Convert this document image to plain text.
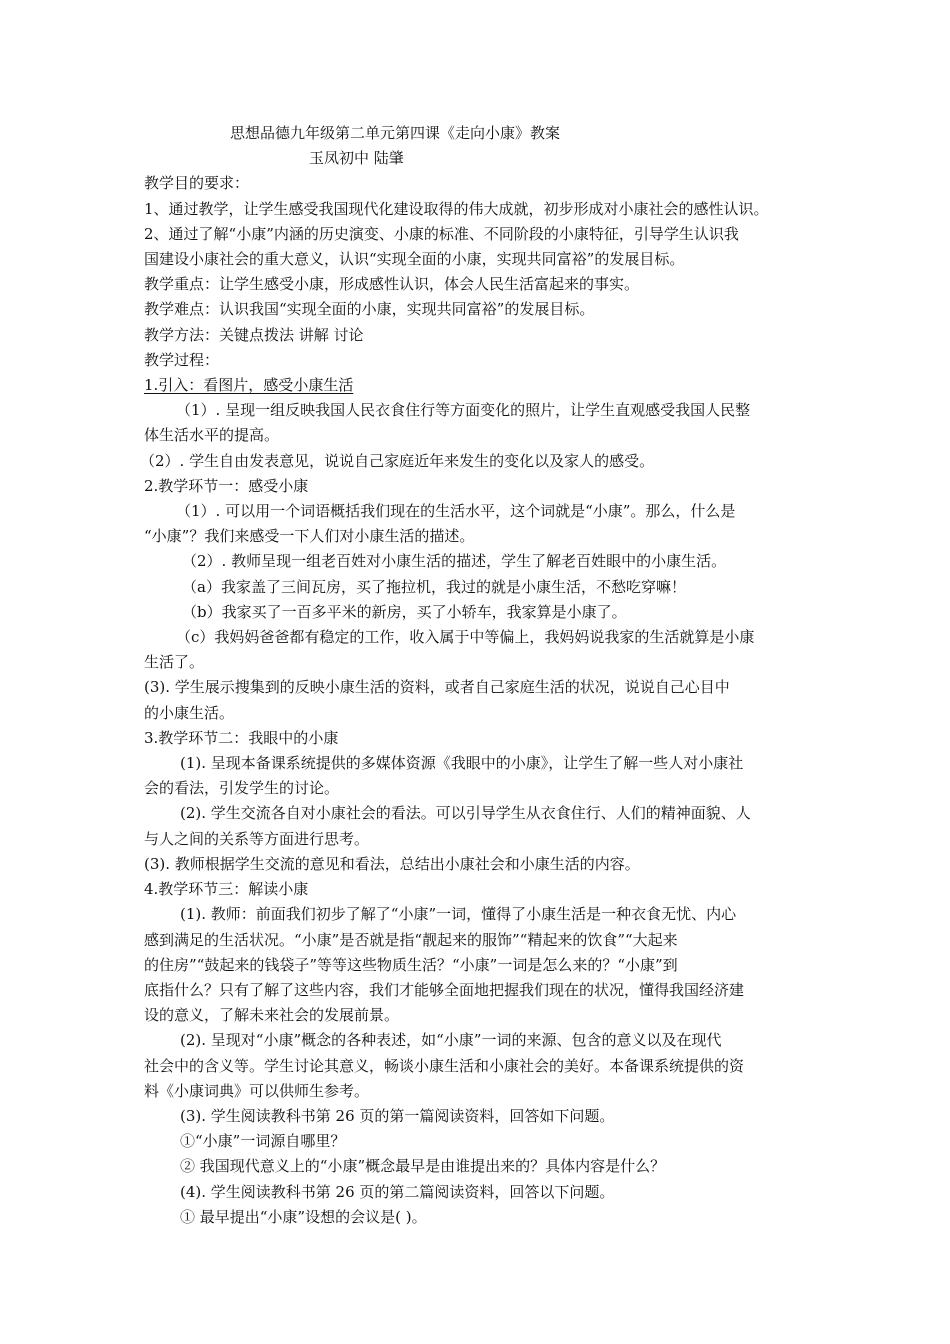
思想品德九年级第二单元第四课《走向小康》教案
玉凤初中 陆肇
教学目的要求：
1、通过教学，让学生感受我国现代化建设取得的伟大成就，初步形成对小康社会的感性认识。
2、通过了解“小康”内涵的历史演变、小康的标准、不同阶段的小康特征，引导学生认识我
国建设小康社会的重大意义，认识“实现全面的小康，实现共同富裕”的发展目标。
教学重点：让学生感受小康，形成感性认识，体会人民生活富起来的事实。
教学难点：认识我国“实现全面的小康，实现共同富裕”的发展目标。
教学方法：关键点拨法 讲解 讨论
教学过程：
1.引入：看图片，感受小康生活
（1）. 呈现一组反映我国人民衣食住行等方面变化的照片，让学生直观感受我国人民整
体生活水平的提高。
（2）. 学生自由发表意见，说说自己家庭近年来发生的变化以及家人的感受。
2.教学环节一：感受小康
（1）. 可以用一个词语概括我们现在的生活水平，这个词就是“小康”。那么，什么是
“小康”？我们来感受一下人们对小康生活的描述。
（2）. 教师呈现一组老百姓对小康生活的描述，学生了解老百姓眼中的小康生活。
（a）我家盖了三间瓦房，买了拖拉机，我过的就是小康生活，不愁吃穿嘛！
（b）我家买了一百多平米的新房，买了小轿车，我家算是小康了。
（c）我妈妈爸爸都有稳定的工作，收入属于中等偏上，我妈妈说我家的生活就算是小康
生活了。
(3). 学生展示搜集到的反映小康生活的资料，或者自己家庭生活的状况，说说自己心目中
的小康生活。
3.教学环节二：我眼中的小康
(1). 呈现本备课系统提供的多媒体资源《我眼中的小康》，让学生了解一些人对小康社
会的看法，引发学生的讨论。
(2). 学生交流各自对小康社会的看法。可以引导学生从衣食住行、人们的精神面貌、人
与人之间的关系等方面进行思考。
(3). 教师根据学生交流的意见和看法，总结出小康社会和小康生活的内容。
4.教学环节三：解读小康
(1). 教师：前面我们初步了解了“小康”一词，懂得了小康生活是一种衣食无忧、内心
感到满足的生活状况。“小康”是否就是指“靓起来的服饰”“精起来的饮食”“大起来
的住房”“鼓起来的钱袋子”等等这些物质生活？“小康”一词是怎么来的？“小康”到
底指什么？只有了解了这些内容，我们才能够全面地把握我们现在的状况，懂得我国经济建
设的意义，了解未来社会的发展前景。
(2). 呈现对“小康”概念的各种表述，如“小康”一词的来源、包含的意义以及在现代
社会中的含义等。学生讨论其意义，畅谈小康生活和小康社会的美好。本备课系统提供的资
料《小康词典》可以供师生参考。
(3). 学生阅读教科书第 26 页的第一篇阅读资料，回答如下问题。
①“小康”一词源自哪里？
② 我国现代意义上的“小康”概念最早是由谁提出来的？具体内容是什么？
(4). 学生阅读教科书第 26 页的第二篇阅读资料，回答以下问题。
① 最早提出“小康”设想的会议是( )。
